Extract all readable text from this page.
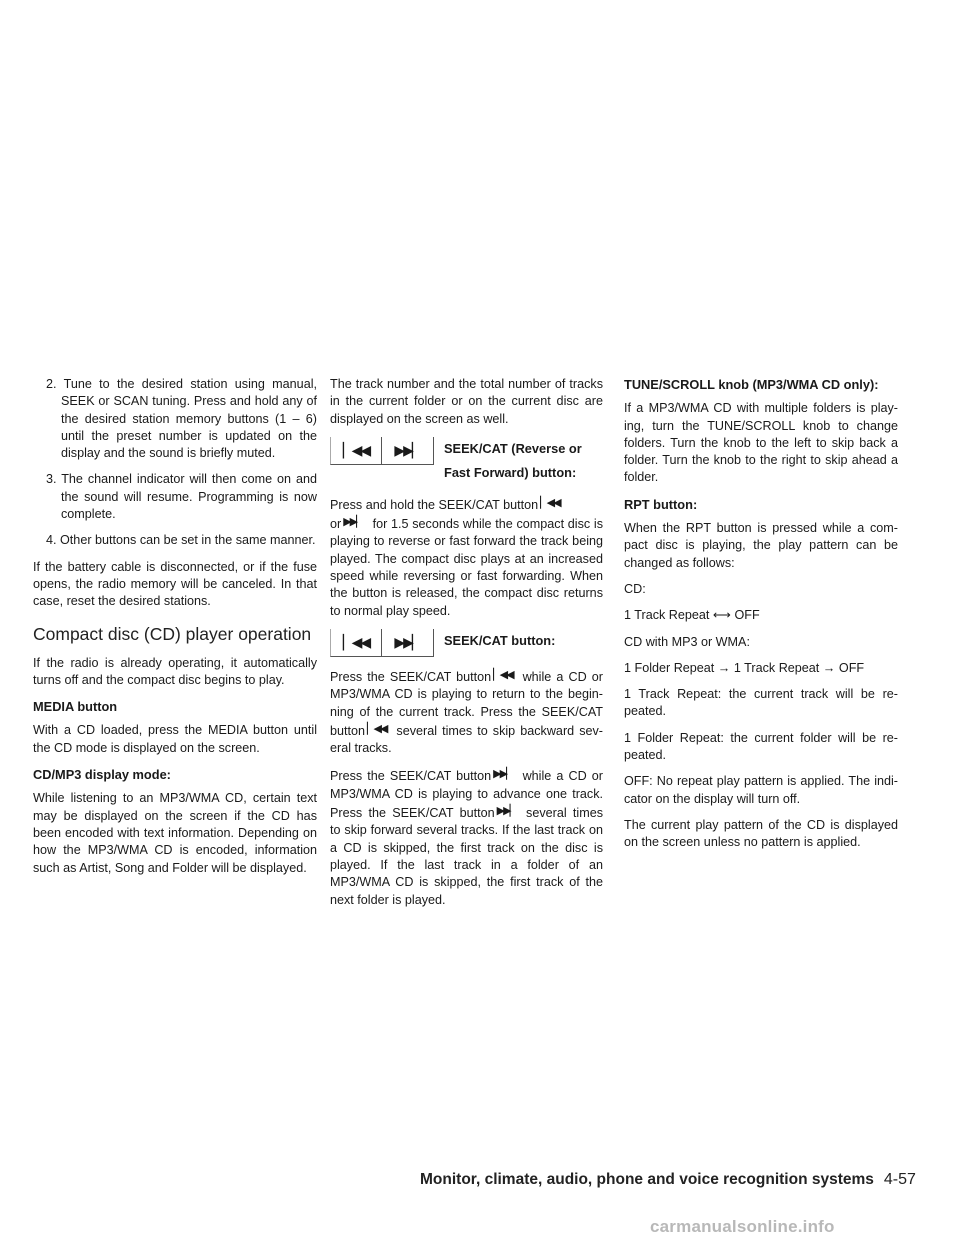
2. Tune to the desired station using manual, SEEK or SCAN tuning. Press and hold any of the desired station memory buttons (1 – 6) until the preset number is updated on the display and the sound is briefly muted.
3. The channel indicator will then come on and the sound will resume. Programming is now complete.
4. Other buttons can be set in the same manner.

If the battery cable is disconnected, or if the fuse opens, the radio memory will be canceled. In that case, reset the desired stations.

Compact disc (CD) player operation

If the radio is already operating, it automatically turns off and the compact disc begins to play.

MEDIA button

With a CD loaded, press the MEDIA button until the CD mode is displayed on the screen.

CD/MP3 display mode:

While listening to an MP3/WMA CD, certain text may be displayed on the screen if the CD has been encoded with text information. Depending on how the MP3/WMA CD is encoded, information such as Artist, Song and Folder will be displayed.

The track number and the total number of tracks in the current folder or on the current disc are displayed on the screen as well.

▏◀◀	▶▶▏	SEEK/CAT (Reverse or
Fast Forward) button:

Press and hold the SEEK/CAT button ▏◀◀
or ▶▶▏ for 1.5 seconds while the compact disc is playing to reverse or fast forward the track being played. The compact disc plays at an increased speed while reversing or fast forwarding. When the button is released, the compact disc returns to normal play speed.

▏◀◀	▶▶▏	SEEK/CAT button:

Press the SEEK/CAT button ▏◀◀ while a CD or MP3/WMA CD is playing to return to the beginning of the current track. Press the SEEK/CAT button ▏◀◀ several times to skip backward several tracks.

Press the SEEK/CAT button ▶▶▏ while a CD or MP3/WMA CD is playing to advance one track. Press the SEEK/CAT button ▶▶▏ several times to skip forward several tracks. If the last track on a CD is skipped, the first track on the disc is played. If the last track in a folder of an MP3/WMA CD is skipped, the first track of the next folder is played.

TUNE/SCROLL knob (MP3/WMA CD only):

If a MP3/WMA CD with multiple folders is playing, turn the TUNE/SCROLL knob to change folders. Turn the knob to the left to skip back a folder. Turn the knob to the right to skip ahead a folder.

RPT button:

When the RPT button is pressed while a compact disc is playing, the play pattern can be changed as follows:

CD:

1 Track Repeat ⟷ OFF

CD with MP3 or WMA:

1 Folder Repeat → 1 Track Repeat → OFF

1 Track Repeat: the current track will be repeated.

1 Folder Repeat: the current folder will be repeated.

OFF: No repeat play pattern is applied. The indicator on the display will turn off.

The current play pattern of the CD is displayed on the screen unless no pattern is applied.

Monitor, climate, audio, phone and voice recognition systems 4-57
carmanualsonline.info
